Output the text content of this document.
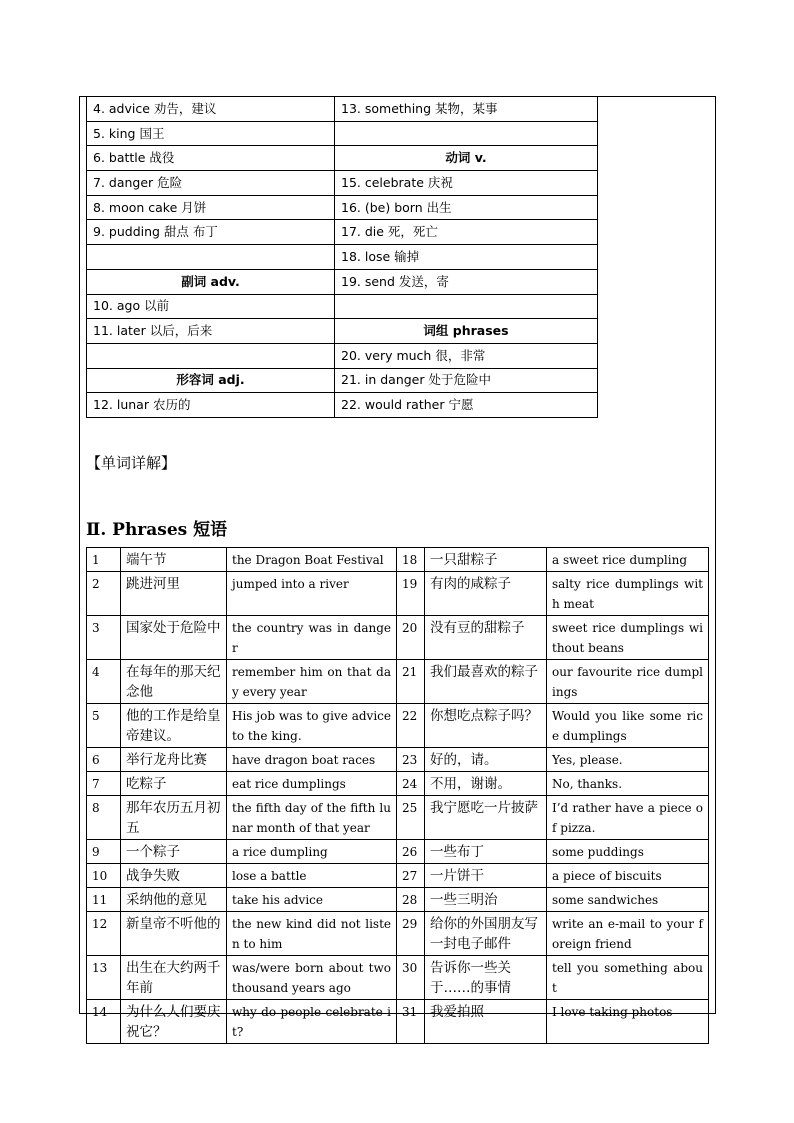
4. advice 劝告，建议	13. something 某物，某事
5. king 国王	
6. battle 战役	动词 v.
7. danger 危险	15. celebrate 庆祝
8. moon cake 月饼	16. (be) born 出生
9. pudding 甜点 布丁	17. die 死，死亡
	18. lose 输掉
副词 adv.	19. send 发送，寄
10. ago 以前	
11. later 以后，后来	词组 phrases
	20. very much 很，非常
形容词 adj.	21. in danger 处于危险中
12. lunar 农历的	22. would rather 宁愿
【单词详解】
Ⅱ. Phrases 短语
1	端午节	the Dragon Boat Festival	18	一只甜粽子	a sweet rice dumpling
2	跳进河里	jumped into a river	19	有肉的咸粽子	salty rice dumplings with meat
3	国家处于危险中	the country was in danger	20	没有豆的甜粽子	sweet rice dumplings without beans
4	在每年的那天纪念他	remember him on that day every year	21	我们最喜欢的粽子	our favourite rice dumplings
5	他的工作是给皇帝建议。	His job was to give advice to the king.	22	你想吃点粽子吗？	Would you like some rice dumplings
6	举行龙舟比赛	have dragon boat races	23	好的，请。	Yes, please.
7	吃粽子	eat rice dumplings	24	不用，谢谢。	No, thanks.
8	那年农历五月初五	the fifth day of the fifth lunar month of that year	25	我宁愿吃一片披萨	I’d rather have a piece of pizza.
9	一个粽子	a rice dumpling	26	一些布丁	some puddings
10	战争失败	lose a battle	27	一片饼干	a piece of biscuits
11	采纳他的意见	take his advice	28	一些三明治	some sandwiches
12	新皇帝不听他的	the new kind did not listen to him	29	给你的外国朋友写一封电子邮件	write an e-mail to your foreign friend
13	出生在大约两千年前	was/were born about two thousand years ago	30	告诉你一些关于……的事情	tell you something about
14	为什么人们要庆祝它？	why do people celebrate it?	31	我爱拍照	I love taking photos
